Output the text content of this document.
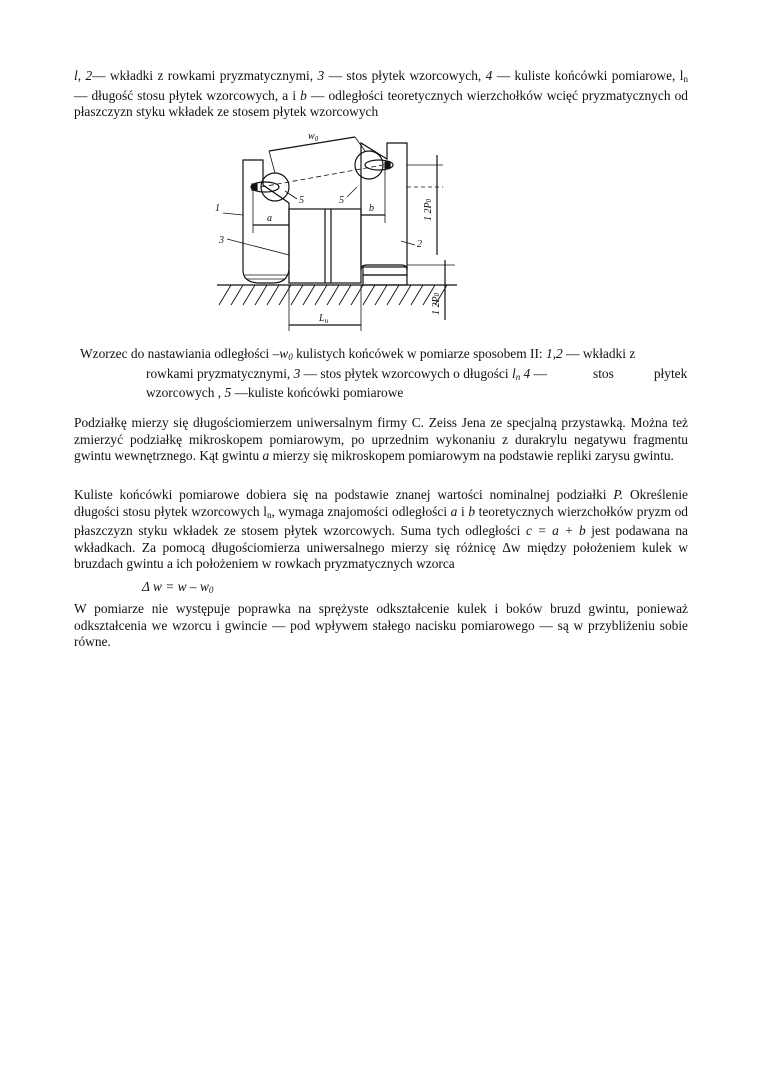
l, 2— wkładki z rowkami pryzmatycznymi, 3 — stos płytek wzorcowych, 4 — kuliste końcówki pomiarowe, $l_n$ — długość stosu płytek wzorcowych, a i b — odległości teoretycznych wierzchołków wcięć pryzmatycznych od płaszczyzn styku wkładek ze stosem płytek wzorcowych

$w_0$
1
3	2
5	5
a
b
$L_n$
1 2P0
1 2P0

Wzorzec do nastawiania odległości $-w_0$ kulistych końcówek w pomiarze sposobem II: 1,2 — wkładki z
rowkami pryzmatycznymi, 3 — stos płytek wzorcowych o długości $l_n$ 4 —	stos	płytek
wzorcowych , 5 —kuliste końcówki pomiarowe

Podziałkę mierzy się długościomierzem uniwersalnym firmy C. Zeiss Jena ze specjalną przystawką. Można też zmierzyć podziałkę mikroskopem pomiarowym, po uprzednim wykonaniu z durakrylu negatywu fragmentu gwintu wewnętrznego. Kąt gwintu a mierzy się mikroskopem pomiarowym na podstawie repliki zarysu gwintu.

Kuliste końcówki pomiarowe dobiera się na podstawie znanej wartości nominalnej podziałki P. Określenie długości stosu płytek wzorcowych $l_n$, wymaga znajomości odległości a i b teoretycznych wierzchołków pryzm od płaszczyzn styku wkładek ze stosem płytek wzorcowych. Suma tych odległości c = a + b jest podawana na wkładkach. Za pomocą długościomierza uniwersalnego mierzy się różnicę Δw między położeniem kulek w bruzdach gwintu a ich położeniem w rowkach pryzmatycznych wzorca

Δ $w = w - w_0$

W pomiarze nie występuje poprawka na sprężyste odkształcenie kulek i boków bruzd gwintu, ponieważ odkształcenia we wzorcu i gwincie — pod wpływem stałego nacisku pomiarowego — są w przybliżeniu sobie równe.
